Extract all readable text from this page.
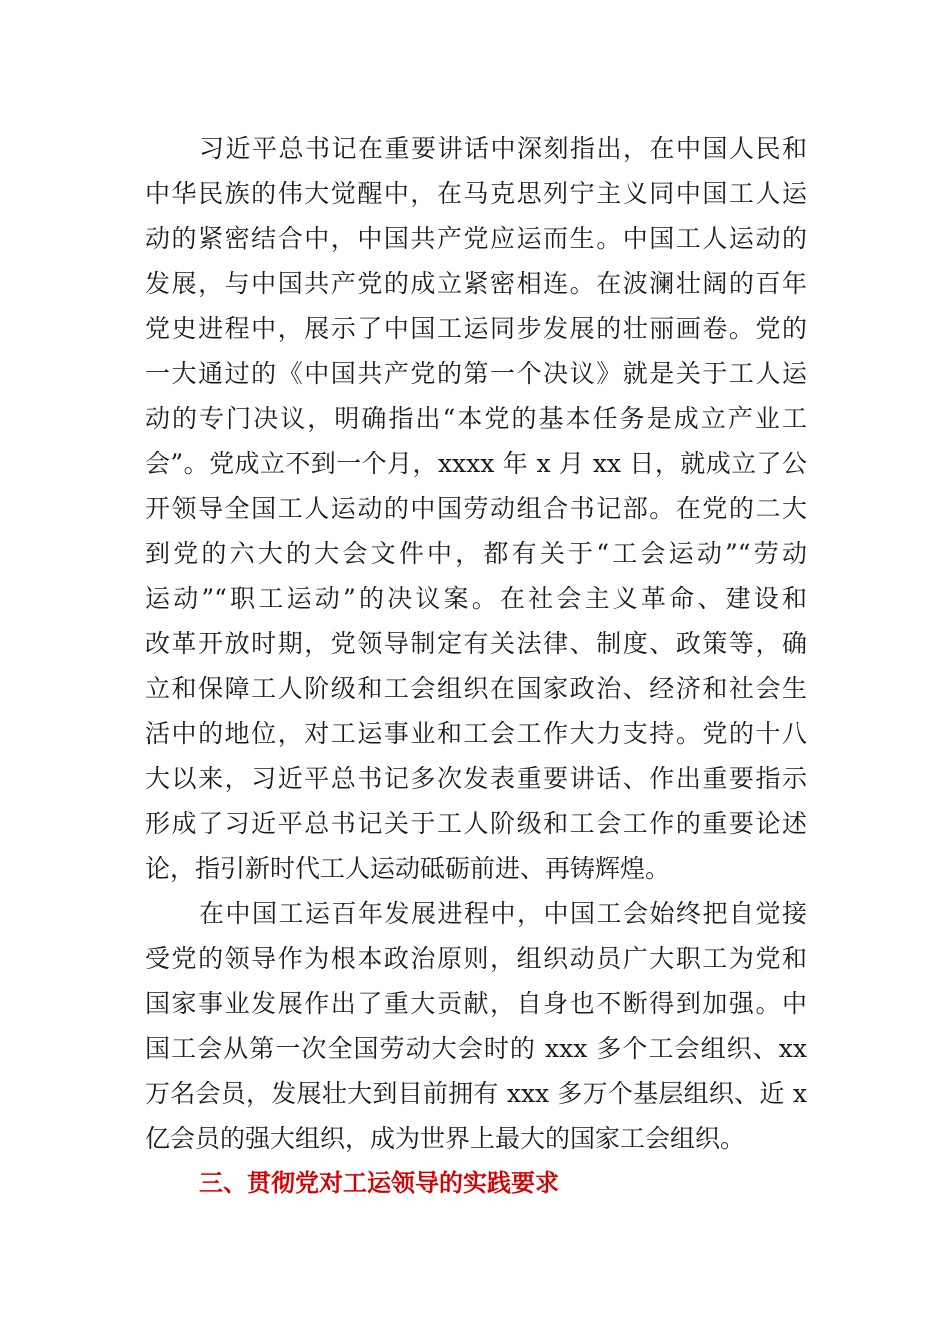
习近平总书记在重要讲话中深刻指出，在中国人民和
中华民族的伟大觉醒中，在马克思列宁主义同中国工人运
动的紧密结合中，中国共产党应运而生。中国工人运动的
发展，与中国共产党的成立紧密相连。在波澜壮阔的百年
党史进程中，展示了中国工运同步发展的壮丽画卷。党的
一大通过的《中国共产党的第一个决议》就是关于工人运
动的专门决议，明确指出“本党的基本任务是成立产业工
会”。党成立不到一个月，xxxx 年 x 月 xx 日，就成立了公
开领导全国工人运动的中国劳动组合书记部。在党的二大
到党的六大的大会文件中，都有关于“工会运动”“劳动
运动”“职工运动”的决议案。在社会主义革命、建设和
改革开放时期，党领导制定有关法律、制度、政策等，确
立和保障工人阶级和工会组织在国家政治、经济和社会生
活中的地位，对工运事业和工会工作大力支持。党的十八
大以来，习近平总书记多次发表重要讲话、作出重要指示
形成了习近平总书记关于工人阶级和工会工作的重要论述
论，指引新时代工人运动砥砺前进、再铸辉煌。
在中国工运百年发展进程中，中国工会始终把自觉接
受党的领导作为根本政治原则，组织动员广大职工为党和
国家事业发展作出了重大贡献，自身也不断得到加强。中
国工会从第一次全国劳动大会时的 xxx 多个工会组织、xx
万名会员，发展壮大到目前拥有 xxx 多万个基层组织、近 x
亿会员的强大组织，成为世界上最大的国家工会组织。
三、贯彻党对工运领导的实践要求
